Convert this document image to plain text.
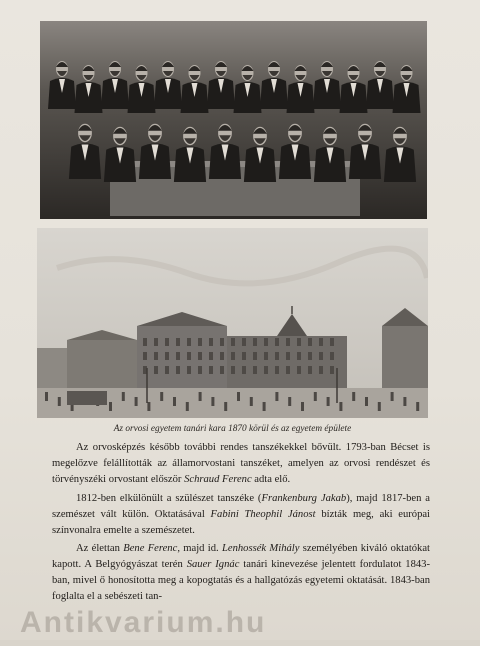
Az orvosi egyetem tanári kara 1870 körül és az egyetem épülete

Az orvosképzés később további rendes tanszékekkel bővült. 1793-ban Bécset is megelőzve felállították az államorvostani tanszéket, amelyen az orvosi rendészet és törvényszéki orvostant először Schraud Ferenc adta elő.

1812-ben elkülönült a szülészet tanszéke (Frankenburg Jakab), majd 1817-ben a szemészet vált külön. Oktatásával Fabini Theophil Jánost bízták meg, aki európai színvonalra emelte a szemészetet.

Az élettan Bene Ferenc, majd id. Lenhossék Mihály személyében kiváló oktatókat kapott. A Belgyógyászat terén Sauer Ignác tanári kinevezése jelentett fordulatot 1843-ban, mivel ő honosította meg a kopogtatás és a hallgatózás egyetemi oktatását. 1843-ban foglalta el a sebészeti tan-

Antikvarium.hu
